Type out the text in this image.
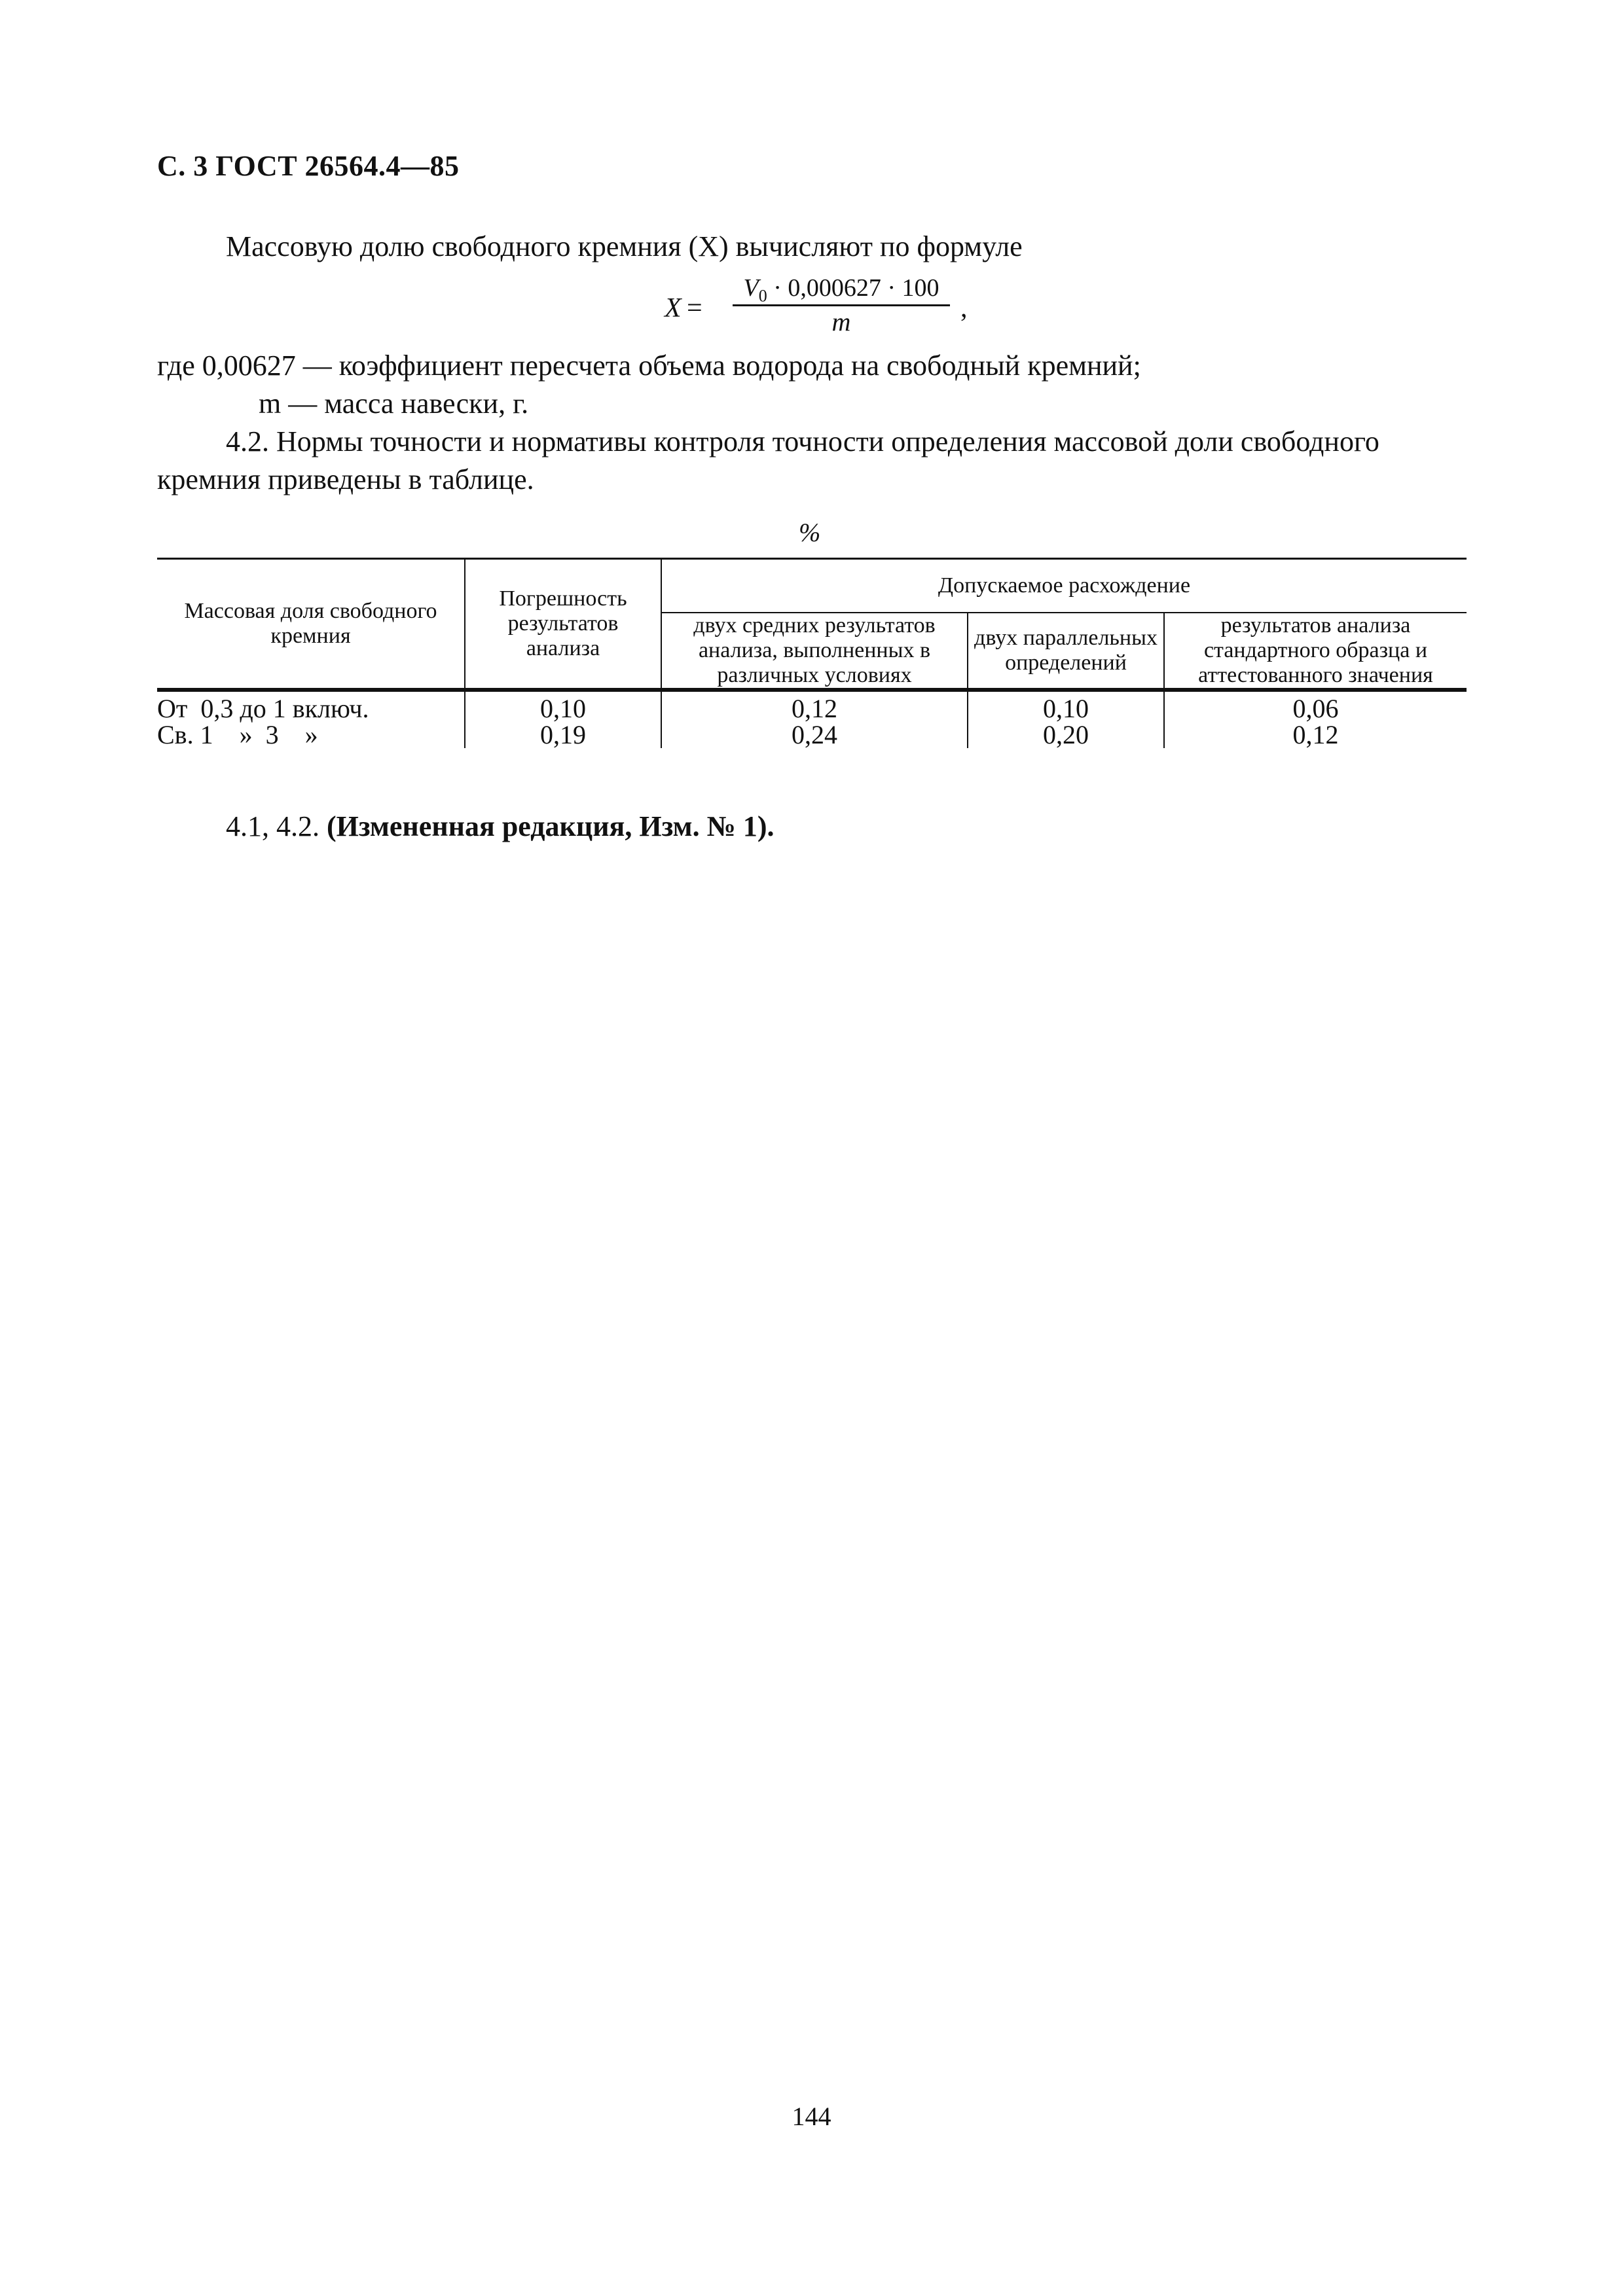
С. 3 ГОСТ 26564.4—85
Массовую долю свободного кремния (X) вычисляют по формуле
X =
$V_0 \cdot 0,000627 \cdot 100$
m	,
где 0,00627 — коэффициент пересчета объема водорода на свободный кремний;
m — масса навески, г.
4.2. Нормы точности и нормативы контроля точности определения массовой доли свободного
кремния приведены в таблице.
%
Массовая доля свободного кремния	Погрешность результатов анализа	Допускаемое расхождение		
		двух средних результатов анализа, выполненных в различных условиях	двух параллельных определений	результатов анализа стандартного образца и аттестованного значения
От  0,3 до 1 включ.	0,10	0,12	0,10	0,06
Св. 1    »  3    »	0,19	0,24	0,20	0,12
4.1, 4.2. (Измененная редакция, Изм. № 1).
144
